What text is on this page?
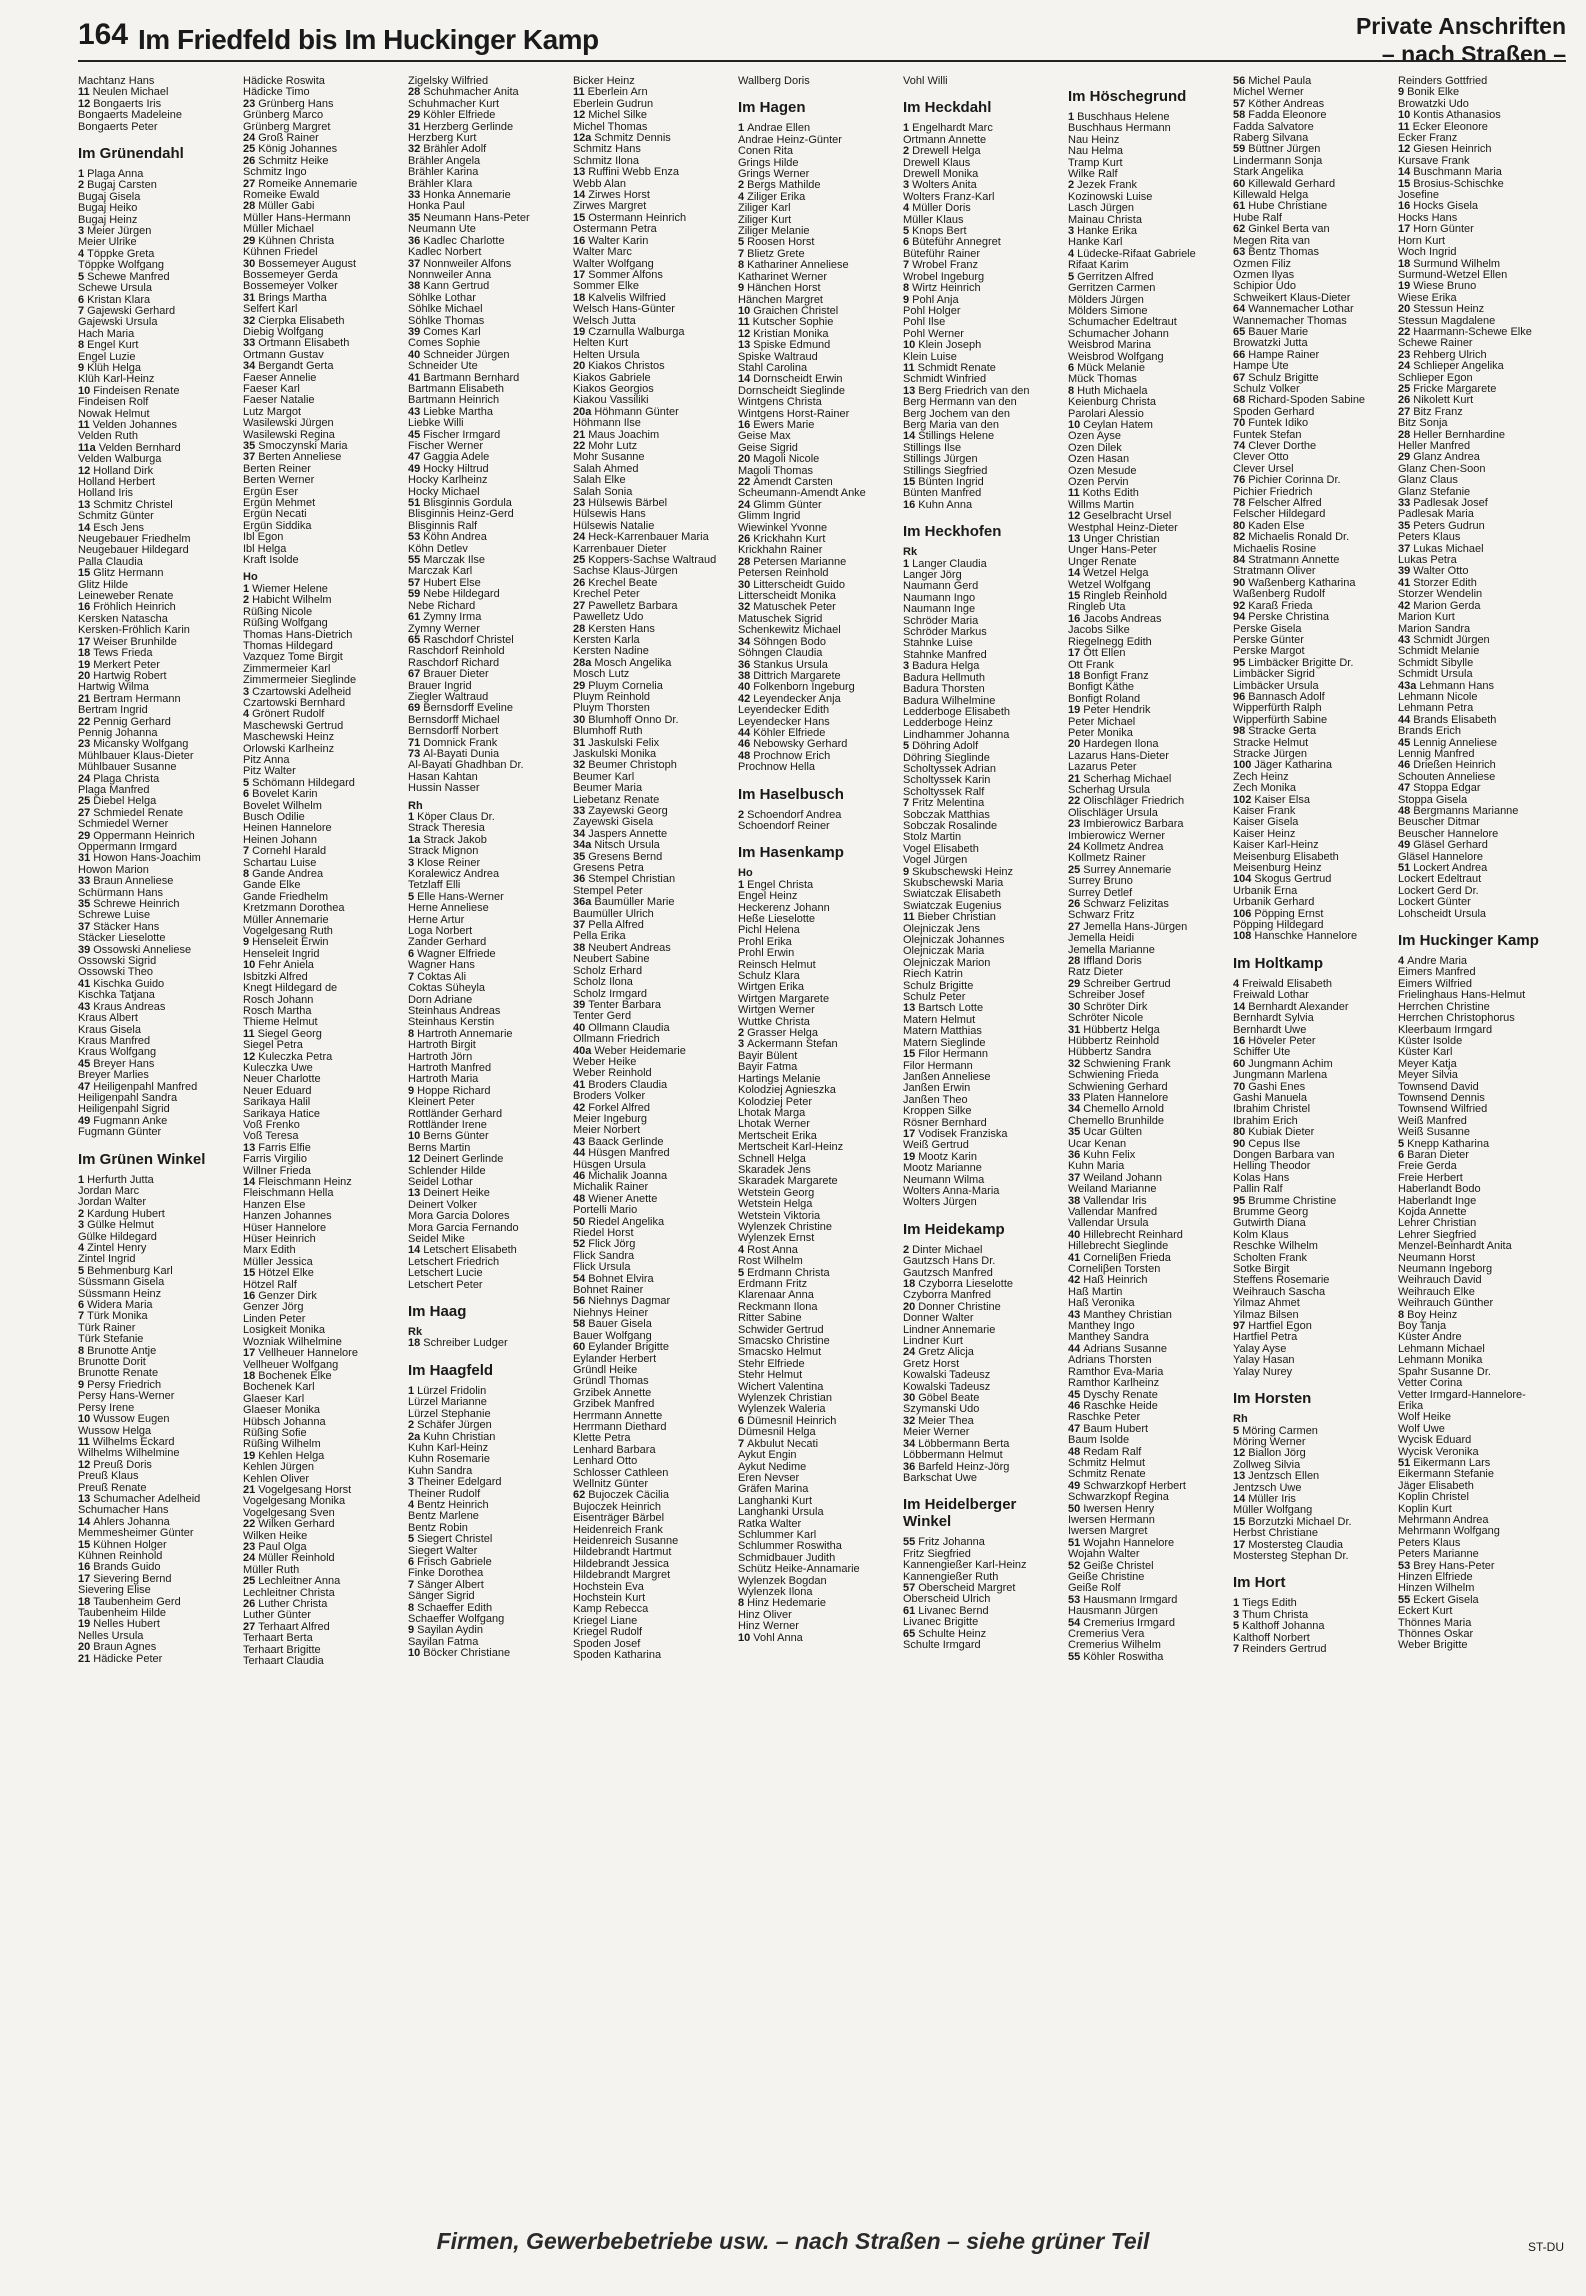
164 Im Friedfeld bis Im Huckinger Kamp	Private Anschriften
– nach Straßen –
Machtanz Hans
11 Neulen Michael
12 Bongaerts Iris
Bongaerts Madeleine
Bongaerts Peter
Im Grünendahl
1 Plaga Anna
2 Bugaj Carsten
Bugaj Gisela
Bugaj Heiko
Bugaj Heinz
3 Meier Jürgen
Meier Ulrike
4 Töppke Greta
Töppke Wolfgang
5 Schewe Manfred
Schewe Ursula
6 Kristan Klara
7 Gajewski Gerhard
Gajewski Ursula
Hach Maria
8 Engel Kurt
Engel Luzie
9 Klüh Helga
Klüh Karl-Heinz
10 Findeisen Renate
Findeisen Rolf
Nowak Helmut
11 Velden Johannes
Velden Ruth
11a Velden Bernhard
Velden Walburga
12 Holland Dirk
Holland Herbert
Holland Iris
13 Schmitz Christel
Schmitz Günter
14 Esch Jens
Neugebauer Friedhelm
Neugebauer Hildegard
Palla Claudia
15 Glitz Hermann
Glitz Hilde
Leineweber Renate
16 Fröhlich Heinrich
Kersken Natascha
Kersken-Fröhlich Karin
17 Weiser Brunhilde
18 Tews Frieda
19 Merkert Peter
20 Hartwig Robert
Hartwig Wilma
21 Bertram Hermann
Bertram Ingrid
22 Pennig Gerhard
Pennig Johanna
23 Micansky Wolfgang
Mühlbauer Klaus-Dieter
Mühlbauer Susanne
24 Plaga Christa
Plaga Manfred
25 Diebel Helga
27 Schmiedel Renate
Schmiedel Werner
29 Oppermann Heinrich
Oppermann Irmgard
31 Howon Hans-Joachim
Howon Marion
33 Braun Anneliese
Schürmann Hans
35 Schrewe Heinrich
Schrewe Luise
37 Stäcker Hans
Stäcker Lieselotte
39 Ossowski Anneliese
Ossowski Sigrid
Ossowski Theo
41 Kischka Guido
Kischka Tatjana
43 Kraus Andreas
Kraus Albert
Kraus Gisela
Kraus Manfred
Kraus Wolfgang
45 Breyer Hans
Breyer Marlies
47 Heiligenpahl Manfred
Heiligenpahl Sandra
Heiligenpahl Sigrid
49 Fugmann Anke
Fugmann Günter
Im Grünen Winkel
1 Herfurth Jutta
Jordan Marc
Jordan Walter
2 Kardung Hubert
3 Gülke Helmut
Gülke Hildegard
4 Zintel Henry
Zintel Ingrid
5 Behmenburg Karl
Süssmann Gisela
Süssmann Heinz
6 Widera Maria
7 Türk Monika
Türk Rainer
Türk Stefanie
8 Brunotte Antje
Brunotte Dorit
Brunotte Renate
9 Persy Friedrich
Persy Hans-Werner
Persy Irene
10 Wussow Eugen
Wussow Helga
11 Wilhelms Eckard
Wilhelms Wilhelmine
12 Preuß Doris
Preuß Klaus
Preuß Renate
13 Schumacher Adelheid
Schumacher Hans
14 Ahlers Johanna
Memmesheimer Günter
15 Kühnen Holger
Kühnen Reinhold
16 Brands Guido
17 Sievering Bernd
Sievering Elise
18 Taubenheim Gerd
Taubenheim Hilde
19 Nelles Hubert
Nelles Ursula
20 Braun Agnes
21 Hädicke Peter
Hädicke Roswita
Hädicke Timo
23 Grünberg Hans
Grünberg Marco
Grünberg Margret
24 Groß Rainer
25 König Johannes
26 Schmitz Heike
Schmitz Ingo
27 Romeike Annemarie
Romeike Ewald
28 Müller Gabi
Müller Hans-Hermann
Müller Michael
29 Kühnen Christa
Kühnen Friedel
30 Bossemeyer August
Bossemeyer Gerda
Bossemeyer Volker
31 Brings Martha
Selfert Karl
32 Cierpka Elisabeth
Diebig Wolfgang
33 Ortmann Elisabeth
Ortmann Gustav
34 Bergandt Gerta
Faeser Annelie
Faeser Karl
Faeser Natalie
Lutz Margot
Wasilewski Jürgen
Wasilewski Regina
35 Smoczynski Maria
37 Berten Anneliese
Berten Reiner
Berten Werner
Ergün Eser
Ergün Mehmet
Ergün Necati
Ergün Siddika
Ibl Egon
Ibl Helga
Kraft Isolde
Ho
1 Wiemer Helene
2 Habicht Wilhelm
Rüßing Nicole
Rüßing Wolfgang
Thomas Hans-Dietrich
Thomas Hildegard
Vazquez Tome Birgit
Zimmermeier Karl
Zimmermeier Sieglinde
3 Czartowski Adelheid
Czartowski Bernhard
4 Grönert Rudolf
Maschewski Gertrud
Maschewski Heinz
Orlowski Karlheinz
Pitz Anna
Pitz Walter
5 Schömann Hildegard
6 Bovelet Karin
Bovelet Wilhelm
Busch Odilie
Heinen Hannelore
Heinen Johann
7 Cornehl Harald
Schartau Luise
8 Gande Andrea
Gande Elke
Gande Friedhelm
Kretzmann Dorothea
Müller Annemarie
Vogelgesang Ruth
9 Henseleit Erwin
Henseleit Ingrid
10 Fehr Aniela
Isbitzki Alfred
Knegt Hildegard de
Rosch Johann
Rosch Martha
Thieme Helmut
11 Siegel Georg
Siegel Petra
12 Kuleczka Petra
Kuleczka Uwe
Neuer Charlotte
Neuer Eduard
Sarikaya Halil
Sarikaya Hatice
Voß Frenko
Voß Teresa
13 Farris Elfie
Farris Virgilio
Willner Frieda
14 Fleischmann Heinz
Fleischmann Hella
Hanzen Else
Hanzen Johannes
Hüser Hannelore
Hüser Heinrich
Marx Edith
Müller Jessica
15 Hötzel Elke
Hötzel Ralf
16 Genzer Dirk
Genzer Jörg
Linden Peter
Losigkeit Monika
Wozniak Wilhelmine
17 Vellheuer Hannelore
Vellheuer Wolfgang
18 Bochenek Elke
Bochenek Karl
Glaeser Karl
Glaeser Monika
Hübsch Johanna
Rüßing Sofie
Rüßing Wilhelm
19 Kehlen Helga
Kehlen Jürgen
Kehlen Oliver
21 Vogelgesang Horst
Vogelgesang Monika
Vogelgesang Sven
22 Wilken Gerhard
Wilken Heike
23 Paul Olga
24 Müller Reinhold
Müller Ruth
25 Lechleitner Anna
Lechleitner Christa
26 Luther Christa
Luther Günter
27 Terhaart Alfred
Terhaart Berta
Terhaart Brigitte
Terhaart Claudia
Zigelsky Wilfried
28 Schuhmacher Anita
Schuhmacher Kurt
29 Köhler Elfriede
31 Herzberg Gerlinde
Herzberg Kurt
32 Brähler Adolf
Brähler Angela
Brähler Karina
Brähler Klara
33 Honka Annemarie
Honka Paul
35 Neumann Hans-Peter
Neumann Ute
36 Kadlec Charlotte
Kadlec Norbert
37 Nonnweiler Alfons
Nonnweiler Anna
38 Kann Gertrud
Söhlke Lothar
Söhlke Michael
Söhlke Thomas
39 Comes Karl
Comes Sophie
40 Schneider Jürgen
Schneider Ute
41 Bartmann Bernhard
Bartmann Elisabeth
Bartmann Heinrich
43 Liebke Martha
Liebke Willi
45 Fischer Irmgard
Fischer Werner
47 Gaggia Adele
49 Hocky Hiltrud
Hocky Karlheinz
Hocky Michael
51 Blisginnis Gordula
Blisginnis Heinz-Gerd
Blisginnis Ralf
53 Köhn Andrea
Köhn Detlev
55 Marczak Ilse
Marczak Karl
57 Hubert Else
59 Nebe Hildegard
Nebe Richard
61 Zymny Irma
Zymny Werner
65 Raschdorf Christel
Raschdorf Reinhold
Raschdorf Richard
67 Brauer Dieter
Brauer Ingrid
Ziegler Waltraud
69 Bernsdorff Eveline
Bernsdorff Michael
Bernsdorff Norbert
71 Domnick Frank
73 Al-Bayati Dunia
Al-Bayati Ghadhban Dr.
Hasan Kahtan
Hussin Nasser
Rh
1 Köper Claus Dr.
Strack Theresia
1a Strack Jakob
Strack Mignon
3 Klose Reiner
Koralewicz Andrea
Tetzlaff Elli
5 Elle Hans-Werner
Herne Anneliese
Herne Artur
Loga Norbert
Zander Gerhard
6 Wagner Elfriede
Wagner Hans
7 Coktas Ali
Coktas Süheyla
Dorn Adriane
Steinhaus Andreas
Steinhaus Kerstin
8 Hartroth Annemarie
Hartroth Birgit
Hartroth Jörn
Hartroth Manfred
Hartroth Maria
9 Hoppe Richard
Kleinert Peter
Rottländer Gerhard
Rottländer Irene
10 Berns Günter
Berns Martin
12 Deinert Gerlinde
Schlender Hilde
Seidel Lothar
13 Deinert Heike
Deinert Volker
Mora Garcia Dolores
Mora Garcia Fernando
Seidel Mike
14 Letschert Elisabeth
Letschert Friedrich
Letschert Lucie
Letschert Peter
Im Haag
Rk
18 Schreiber Ludger
Im Haagfeld
1 Lürzel Fridolin
Lürzel Marianne
Lürzel Stephanie
2 Schäfer Jürgen
2a Kuhn Christian
Kuhn Karl-Heinz
Kuhn Rosemarie
Kuhn Sandra
3 Theiner Edelgard
Theiner Rudolf
4 Bentz Heinrich
Bentz Marlene
Bentz Robin
5 Siegert Christel
Siegert Walter
6 Frisch Gabriele
Finke Dorothea
7 Sänger Albert
Sänger Sigrid
8 Schaeffer Edith
Schaeffer Wolfgang
9 Sayilan Aydin
Sayilan Fatma
10 Böcker Christiane
Bicker Heinz
11 Eberlein Arn
Eberlein Gudrun
12 Michel Silke
Michel Thomas
12a Schmitz Dennis
Schmitz Hans
Schmitz Ilona
13 Ruffini Webb Enza
Webb Alan
14 Zirwes Horst
Zirwes Margret
15 Ostermann Heinrich
Ostermann Petra
16 Walter Karin
Walter Marc
Walter Wolfgang
17 Sommer Alfons
Sommer Elke
18 Kalvelis Wilfried
Welsch Hans-Günter
Welsch Jutta
19 Czarnulla Walburga
Helten Kurt
Helten Ursula
20 Kiakos Christos
Kiakos Gabriele
Kiakos Georgios
Kiakou Vassiliki
20a Höhmann Günter
Höhmann Ilse
21 Maus Joachim
22 Mohr Lutz
Mohr Susanne
Salah Ahmed
Salah Elke
Salah Sonia
23 Hülsewis Bärbel
Hülsewis Hans
Hülsewis Natalie
24 Heck-Karrenbauer Maria
Karrenbauer Dieter
25 Koppers-Sachse Waltraud
Sachse Klaus-Jürgen
26 Krechel Beate
Krechel Peter
27 Pawelletz Barbara
Pawelletz Udo
28 Kersten Hans
Kersten Karla
Kersten Nadine
28a Mosch Angelika
Mosch Lutz
29 Pluym Cornelia
Pluym Reinhold
Pluym Thorsten
30 Blumhoff Onno Dr.
Blumhoff Ruth
31 Jaskulski Felix
Jaskulski Monika
32 Beumer Christoph
Beumer Karl
Beumer Maria
Liebetanz Renate
33 Zayewski Georg
Zayewski Gisela
34 Jaspers Annette
34a Nitsch Ursula
35 Gresens Bernd
Gresens Petra
36 Stempel Christian
Stempel Peter
36a Baumüller Marie
Baumüller Ulrich
37 Pella Alfred
Pella Erika
38 Neubert Andreas
Neubert Sabine
Scholz Erhard
Scholz Ilona
Scholz Irmgard
39 Tenter Barbara
Tenter Gerd
40 Ollmann Claudia
Ollmann Friedrich
40a Weber Heidemarie
Weber Heike
Weber Reinhold
41 Broders Claudia
Broders Volker
42 Forkel Alfred
Meier Ingeburg
Meier Norbert
43 Baack Gerlinde
44 Hüsgen Manfred
Hüsgen Ursula
46 Michalik Joanna
Michalik Rainer
48 Wiener Anette
Portelli Mario
50 Riedel Angelika
Riedel Horst
52 Flick Jörg
Flick Sandra
Flick Ursula
54 Bohnet Elvira
Bohnet Rainer
56 Niehnys Dagmar
Niehnys Heiner
58 Bauer Gisela
Bauer Wolfgang
60 Eylander Brigitte
Eylander Herbert
Gründl Heike
Gründl Thomas
Grzibek Annette
Grzibek Manfred
Herrmann Annette
Herrmann Diethard
Klette Petra
Lenhard Barbara
Lenhard Otto
Schlosser Cathleen
Wellnitz Günter
62 Bujoczek Cäcilia
Bujoczek Heinrich
Eisenträger Bärbel
Heidenreich Frank
Heidenreich Susanne
Hildebrandt Hartmut
Hildebrandt Jessica
Hildebrandt Margret
Hochstein Eva
Hochstein Kurt
Kamp Rebecca
Kriegel Liane
Kriegel Rudolf
Spoden Josef
Spoden Katharina
Wallberg Doris
Im Hagen
1 Andrae Ellen
Andrae Heinz-Günter
Conen Rita
Grings Hilde
Grings Werner
2 Bergs Mathilde
4 Ziliger Erika
Ziliger Karl
Ziliger Kurt
Ziliger Melanie
5 Roosen Horst
7 Blietz Grete
8 Kathariner Anneliese
Katharinet Werner
9 Hänchen Horst
Hänchen Margret
10 Graichen Christel
11 Kutscher Sophie
12 Kristian Monika
13 Spiske Edmund
Spiske Waltraud
Stahl Carolina
14 Dornscheidt Erwin
Dornscheidt Sieglinde
Wintgens Christa
Wintgens Horst-Rainer
16 Ewers Marie
Geise Max
Geise Sigrid
20 Magoli Nicole
Magoli Thomas
22 Amendt Carsten
Scheumann-Amendt Anke
24 Glimm Günter
Glimm Ingrid
Wiewinkel Yvonne
26 Krickhahn Kurt
Krickhahn Rainer
28 Petersen Marianne
Petersen Reinhold
30 Litterscheidt Guido
Litterscheidt Monika
32 Matuschek Peter
Matuschek Sigrid
Schenkewitz Michael
34 Söhngen Bodo
Söhngen Claudia
36 Stankus Ursula
38 Dittrich Margarete
40 Folkenborn Ingeburg
42 Leyendecker Anja
Leyendecker Edith
Leyendecker Hans
44 Köhler Elfriede
46 Nebowsky Gerhard
48 Prochnow Erich
Prochnow Hella
Im Haselbusch
2 Schoendorf Andrea
Schoendorf Reiner
Im Hasenkamp
Ho
1 Engel Christa
Engel Heinz
Heckerenz Johann
Heße Lieselotte
Pichl Helena
Prohl Erika
Prohl Erwin
Reinsch Helmut
Schulz Klara
Wirtgen Erika
Wirtgen Margarete
Wirtgen Werner
Wuttke Christa
2 Grasser Helga
3 Ackermann Stefan
Bayir Bülent
Bayir Fatma
Hartings Melanie
Kolodziej Agnieszka
Kolodziej Peter
Lhotak Marga
Lhotak Werner
Mertscheit Erika
Mertscheit Karl-Heinz
Schnell Helga
Skaradek Jens
Skaradek Margarete
Wetstein Georg
Wetstein Helga
Wetstein Viktoria
Wylenzek Christine
Wylenzek Ernst
4 Rost Anna
Rost Wilhelm
5 Erdmann Christa
Erdmann Fritz
Klarenaar Anna
Reckmann Ilona
Ritter Sabine
Schwider Gertrud
Smacsko Christine
Smacsko Helmut
Stehr Elfriede
Stehr Helmut
Wichert Valentina
Wylenzek Christian
Wylenzek Waleria
6 Dümesnil Heinrich
Dümesnil Helga
7 Akbulut Necati
Aykut Engin
Aykut Nedime
Eren Nevser
Gräfen Marina
Langhanki Kurt
Langhanki Ursula
Ratka Walter
Schlummer Karl
Schlummer Roswitha
Schmidbauer Judith
Schütz Heike-Annamarie
Wylenzek Bogdan
Wylenzek Ilona
8 Hinz Hedemarie
Hinz Oliver
Hinz Werner
10 Vohl Anna
Vohl Willi
Im Heckdahl
1 Engelhardt Marc
Ortmann Annette
2 Drewell Helga
Drewell Klaus
Drewell Monika
3 Wolters Anita
Wolters Franz-Karl
4 Müller Doris
Müller Klaus
5 Knops Bert
6 Büteführ Annegret
Büteführ Rainer
7 Wrobel Franz
Wrobel Ingeburg
8 Wirtz Heinrich
9 Pohl Anja
Pohl Holger
Pohl Ilse
Pohl Werner
10 Klein Joseph
Klein Luise
11 Schmidt Renate
Schmidt Winfried
13 Berg Friedrich van den
Berg Hermann van den
Berg Jochem van den
Berg Maria van den
14 Stillings Helene
Stillings Ilse
Stillings Jürgen
Stillings Siegfried
15 Bünten Ingrid
Bünten Manfred
16 Kuhn Anna
Im Heckhofen
Rk
1 Langer Claudia
Langer Jörg
Naumann Gerd
Naumann Ingo
Naumann Inge
Schröder Maria
Schröder Markus
Stahnke Luise
Stahnke Manfred
3 Badura Helga
Badura Hellmuth
Badura Thorsten
Badura Wilhelmine
Ledderboge Elisabeth
Ledderboge Heinz
Lindhammer Johanna
5 Döhring Adolf
Döhring Sieglinde
Scholtyssek Adrian
Scholtyssek Karin
Scholtyssek Ralf
7 Fritz Melentina
Sobczak Matthias
Sobczak Rosalinde
Stolz Martin
Vogel Elisabeth
Vogel Jürgen
9 Skubschewski Heinz
Skubschewski Maria
Swiatczak Elisabeth
Swiatczak Eugenius
11 Bieber Christian
Olejniczak Jens
Olejniczak Johannes
Olejniczak Maria
Olejniczak Marion
Riech Katrin
Schulz Brigitte
Schulz Peter
13 Bartsch Lotte
Matern Helmut
Matern Matthias
Matern Sieglinde
15 Filor Hermann
Filor Hermann
Janßen Anneliese
Janßen Erwin
Janßen Theo
Kroppen Silke
Rösner Bernhard
17 Vodisek Franziska
Weiß Gertrud
19 Mootz Karin
Mootz Marianne
Neumann Wilma
Wolters Anna-Maria
Wolters Jürgen
Im Heidekamp
2 Dinter Michael
Gautzsch Hans Dr.
Gautzsch Manfred
18 Czyborra Lieselotte
Czyborra Manfred
20 Donner Christine
Donner Walter
Lindner Annemarie
Lindner Kurt
24 Gretz Alicja
Gretz Horst
Kowalski Tadeusz
Kowalski Tadeusz
30 Göbel Beate
Szymanski Udo
32 Meier Thea
Meier Werner
34 Löbbermann Berta
Löbbermann Helmut
36 Barfeld Heinz-Jörg
Barkschat Uwe
Im Heidelberger Winkel
55 Fritz Johanna
Fritz Siegfried
Kannengießer Karl-Heinz
Kannengießer Ruth
57 Oberscheid Margret
Oberscheid Ulrich
61 Livanec Bernd
Livanec Brigitte
65 Schulte Heinz
Schulte Irmgard
Im Höschegrund
1 Buschhaus Helene
Buschhaus Hermann
Nau Heinz
Nau Helma
Tramp Kurt
Wilke Ralf
2 Jezek Frank
Kozinowski Luise
Lasch Jürgen
Mainau Christa
3 Hanke Erika
Hanke Karl
4 Lüdecke-Rifaat Gabriele
Rifaat Karim
5 Gerritzen Alfred
Gerritzen Carmen
Mölders Jürgen
Mölders Simone
Schumacher Edeltraut
Schumacher Johann
Weisbrod Marina
Weisbrod Wolfgang
6 Mück Melanie
Mück Thomas
8 Huth Michaela
Keienburg Christa
Parolari Alessio
10 Ceylan Hatem
Özen Ayse
Özen Dilek
Özen Hasan
Özen Mesude
Özen Pervin
11 Koths Edith
Willms Martin
12 Geselbracht Ursel
Westphal Heinz-Dieter
13 Unger Christian
Unger Hans-Peter
Unger Renate
14 Wetzel Helga
Wetzel Wolfgang
15 Ringleb Reinhold
Ringleb Uta
16 Jacobs Andreas
Jacobs Silke
Riegelnegg Edith
17 Ott Ellen
Ott Frank
18 Bonfigt Franz
Bonfigt Käthe
Bonfigt Roland
19 Peter Hendrik
Peter Michael
Peter Monika
20 Hardegen Ilona
Lazarus Hans-Dieter
Lazarus Peter
21 Scherhag Michael
Scherhag Ursula
22 Olischläger Friedrich
Olischläger Ursula
23 Imbierowicz Barbara
Imbierowicz Werner
24 Kollmetz Andrea
Kollmetz Rainer
25 Surrey Annemarie
Surrey Bruno
Surrey Detlef
26 Schwarz Felizitas
Schwarz Fritz
27 Jemella Hans-Jürgen
Jemella Heidi
Jemella Marianne
28 Iffland Doris
Ratz Dieter
29 Schreiber Gertrud
Schreiber Josef
30 Schröter Dirk
Schröter Nicole
31 Hübbertz Helga
Hübbertz Reinhold
Hübbertz Sandra
32 Schwiening Frank
Schwiening Frieda
Schwiening Gerhard
33 Platen Hannelore
34 Chemello Arnold
Chemello Brunhilde
35 Ucar Gülten
Ucar Kenan
36 Kuhn Felix
Kuhn Maria
37 Weiland Johann
Weiland Marianne
38 Vallendar Iris
Vallendar Manfred
Vallendar Ursula
40 Hillebrecht Reinhard
Hillebrecht Sieglinde
41 Corneliβen Frieda
Corneliβen Torsten
42 Haß Heinrich
Haß Martin
Haß Veronika
43 Manthey Christian
Manthey Ingo
Manthey Sandra
44 Adrians Susanne
Adrians Thorsten
Ramthor Eva-Maria
Ramthor Karlheinz
45 Dyschy Renate
46 Raschke Heide
Raschke Peter
47 Baum Hubert
Baum Isolde
48 Redam Ralf
Schmitz Helmut
Schmitz Renate
49 Schwarzkopf Herbert
Schwarzkopf Regina
50 Iwersen Henry
Iwersen Hermann
Iwersen Margret
51 Wojahn Hannelore
Wojahn Walter
52 Geiße Christel
Geiße Christine
Geiße Rolf
53 Hausmann Irmgard
Hausmann Jürgen
54 Cremerius Irmgard
Cremerius Vera
Cremerius Wilhelm
55 Köhler Roswitha
56 Michel Paula
Michel Werner
57 Köther Andreas
58 Fadda Eleonore
Fadda Salvatore
Raberg Silvana
59 Büttner Jürgen
Lindermann Sonja
Stark Angelika
60 Killewald Gerhard
Killewald Helga
61 Hube Christiane
Hube Ralf
62 Ginkel Berta van
Megen Rita van
63 Bentz Thomas
Özmen Filiz
Özmen Ilyas
Schipior Udo
Schweikert Klaus-Dieter
64 Wannemacher Lothar
Wannemacher Thomas
65 Bauer Marie
Browatzki Jutta
66 Hampe Rainer
Hampe Ute
67 Schulz Brigitte
Schulz Volker
68 Richard-Spoden Sabine
Spoden Gerhard
70 Funtek Idiko
Funtek Stefan
74 Clever Dorthe
Clever Otto
Clever Ursel
76 Pichier Corinna Dr.
Pichier Friedrich
78 Felscher Alfred
Felscher Hildegard
80 Kaden Else
82 Michaelis Ronald Dr.
Michaelis Rosine
84 Stratmann Annette
Stratmann Oliver
90 Waßenberg Katharina
Waßenberg Rudolf
92 Karaß Frieda
94 Perske Christina
Perske Gisela
Perske Günter
Perske Margot
95 Limbäcker Brigitte Dr.
Limbäcker Sigrid
Limbäcker Ursula
96 Bannasch Adolf
Wipperfürth Ralph
Wipperfürth Sabine
98 Stracke Gerta
Stracke Helmut
Stracke Jürgen
100 Jäger Katharina
Zech Heinz
Zech Monika
102 Kaiser Elsa
Kaiser Frank
Kaiser Gisela
Kaiser Heinz
Kaiser Karl-Heinz
Meisenburg Elisabeth
Meisenburg Heinz
104 Skogus Gertrud
Urbanik Erna
Urbanik Gerhard
106 Pöpping Ernst
Pöpping Hildegard
108 Hanschke Hannelore
Im Holtkamp
4 Freiwald Elisabeth
Freiwald Lothar
14 Bernhardt Alexander
Bernhardt Sylvia
Bernhardt Uwe
16 Höveler Peter
Schiffer Ute
60 Jungmann Achim
Jungmann Marlena
70 Gashi Enes
Gashi Manuela
Ibrahim Christel
Ibrahim Erich
80 Kubiak Dieter
90 Cepus Ilse
Dongen Barbara van
Helling Theodor
Kolas Hans
Pallin Ralf
95 Brumme Christine
Brumme Georg
Gutwirth Diana
Kolm Klaus
Reschke Wilhelm
Scholten Frank
Sotke Birgit
Steffens Rosemarie
Weihrauch Sascha
Yilmaz Ahmet
Yilmaz Bilsen
97 Hartfiel Egon
Hartfiel Petra
Yalay Ayse
Yalay Hasan
Yalay Nurey
Im Horsten
Rh
5 Möring Carmen
Möring Werner
12 Biallon Jörg
Zollweg Silvia
13 Jentzsch Ellen
Jentzsch Uwe
14 Müller Iris
Müller Wolfgang
15 Borzutzki Michael Dr.
Herbst Christiane
17 Mostersteg Claudia
Mostersteg Stephan Dr.
Im Hort
1 Tiegs Edith
3 Thum Christa
5 Kalthoff Johanna
Kalthoff Norbert
7 Reinders Gertrud
Reinders Gottfried
9 Bonik Elke
Browatzki Udo
10 Kontis Athanasios
11 Ecker Eleonore
Ecker Franz
12 Giesen Heinrich
Kursave Frank
14 Buschmann Maria
15 Brosius-Schischke
Josefine
16 Hocks Gisela
Hocks Hans
17 Horn Günter
Horn Kurt
Woch Ingrid
18 Surmund Wilhelm
Surmund-Wetzel Ellen
19 Wiese Bruno
Wiese Erika
20 Stessun Heinz
Stessun Magdalene
22 Haarmann-Schewe Elke
Schewe Rainer
23 Rehberg Ulrich
24 Schlieper Angelika
Schlieper Egon
25 Fricke Margarete
26 Nikolett Kurt
27 Bitz Franz
Bitz Sonja
28 Heller Bernhardine
Heller Manfred
29 Glanz Andrea
Glanz Chen-Soon
Glanz Claus
Glanz Stefanie
33 Padlesak Josef
Padlesak Maria
35 Peters Gudrun
Peters Klaus
37 Lukas Michael
Lukas Petra
39 Walter Otto
41 Storzer Edith
Storzer Wendelin
42 Marion Gerda
Marion Kurt
Marion Sandra
43 Schmidt Jürgen
Schmidt Melanie
Schmidt Sibylle
Schmidt Ursula
43a Lehmann Hans
Lehmann Nicole
Lehmann Petra
44 Brands Elisabeth
Brands Erich
45 Lennig Anneliese
Lennig Manfred
46 Drießen Heinrich
Schouten Anneliese
47 Stoppa Edgar
Stoppa Gisela
48 Bergmanns Marianne
Beuscher Ditmar
Beuscher Hannelore
49 Gläsel Gerhard
Gläsel Hannelore
51 Lockert Andrea
Lockert Edeltraut
Lockert Gerd Dr.
Lockert Günter
Lohscheidt Ursula
Im Huckinger Kamp
4 Andre Maria
Eimers Manfred
Eimers Wilfried
Frielinghaus Hans-Helmut
Herrchen Christine
Herrchen Christophorus
Kleerbaum Irmgard
Küster Isolde
Küster Karl
Meyer Katja
Meyer Silvia
Townsend David
Townsend Dennis
Townsend Wilfried
Weiß Manfred
Weiß Susanne
5 Knepp Katharina
6 Baran Dieter
Freie Gerda
Freie Herbert
Haberlandt Bodo
Haberlandt Inge
Kojda Annette
Lehrer Christian
Lehrer Siegfried
Menzel-Beinhardt Anita
Neumann Horst
Neumann Ingeborg
Weihrauch David
Weihrauch Elke
Weihrauch Günther
8 Boy Heinz
Boy Tanja
Küster Andre
Lehmann Michael
Lehmann Monika
Spahr Susanne Dr.
Vetter Corina
Vetter Irmgard-Hannelore-
Erika
Wolf Heike
Wolf Uwe
Wycisk Eduard
Wycisk Veronika
51 Eikermann Lars
Eikermann Stefanie
Jäger Elisabeth
Koplin Christel
Koplin Kurt
Mehrmann Andrea
Mehrmann Wolfgang
Peters Klaus
Peters Marianne
53 Brey Hans-Peter
Hinzen Elfriede
Hinzen Wilhelm
55 Eckert Gisela
Eckert Kurt
Thönnes Maria
Thönnes Oskar
Weber Brigitte
Firmen, Gewerbebetriebe usw. – nach Straßen – siehe grüner Teil	ST-DU
